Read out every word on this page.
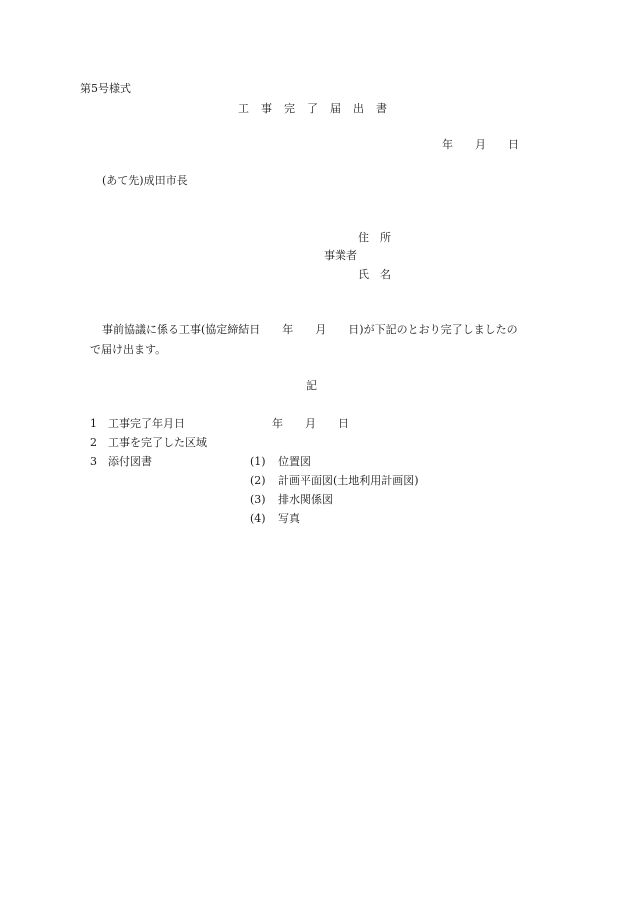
第5号様式
工　事　完　了　届　出　書
年　　月　　日
(あて先)成田市長
住　所
事業者
氏　名
事前協議に係る工事(協定締結日　　年　　月　　日)が下記のとおり完了しましたの
で届け出ます。
記
1 工事完了年月日	年　　月　　日
2 工事を完了した区域
3 添付図書	(1) 位置図
(2) 計画平面図(土地利用計画図)
(3) 排水関係図
(4) 写真
